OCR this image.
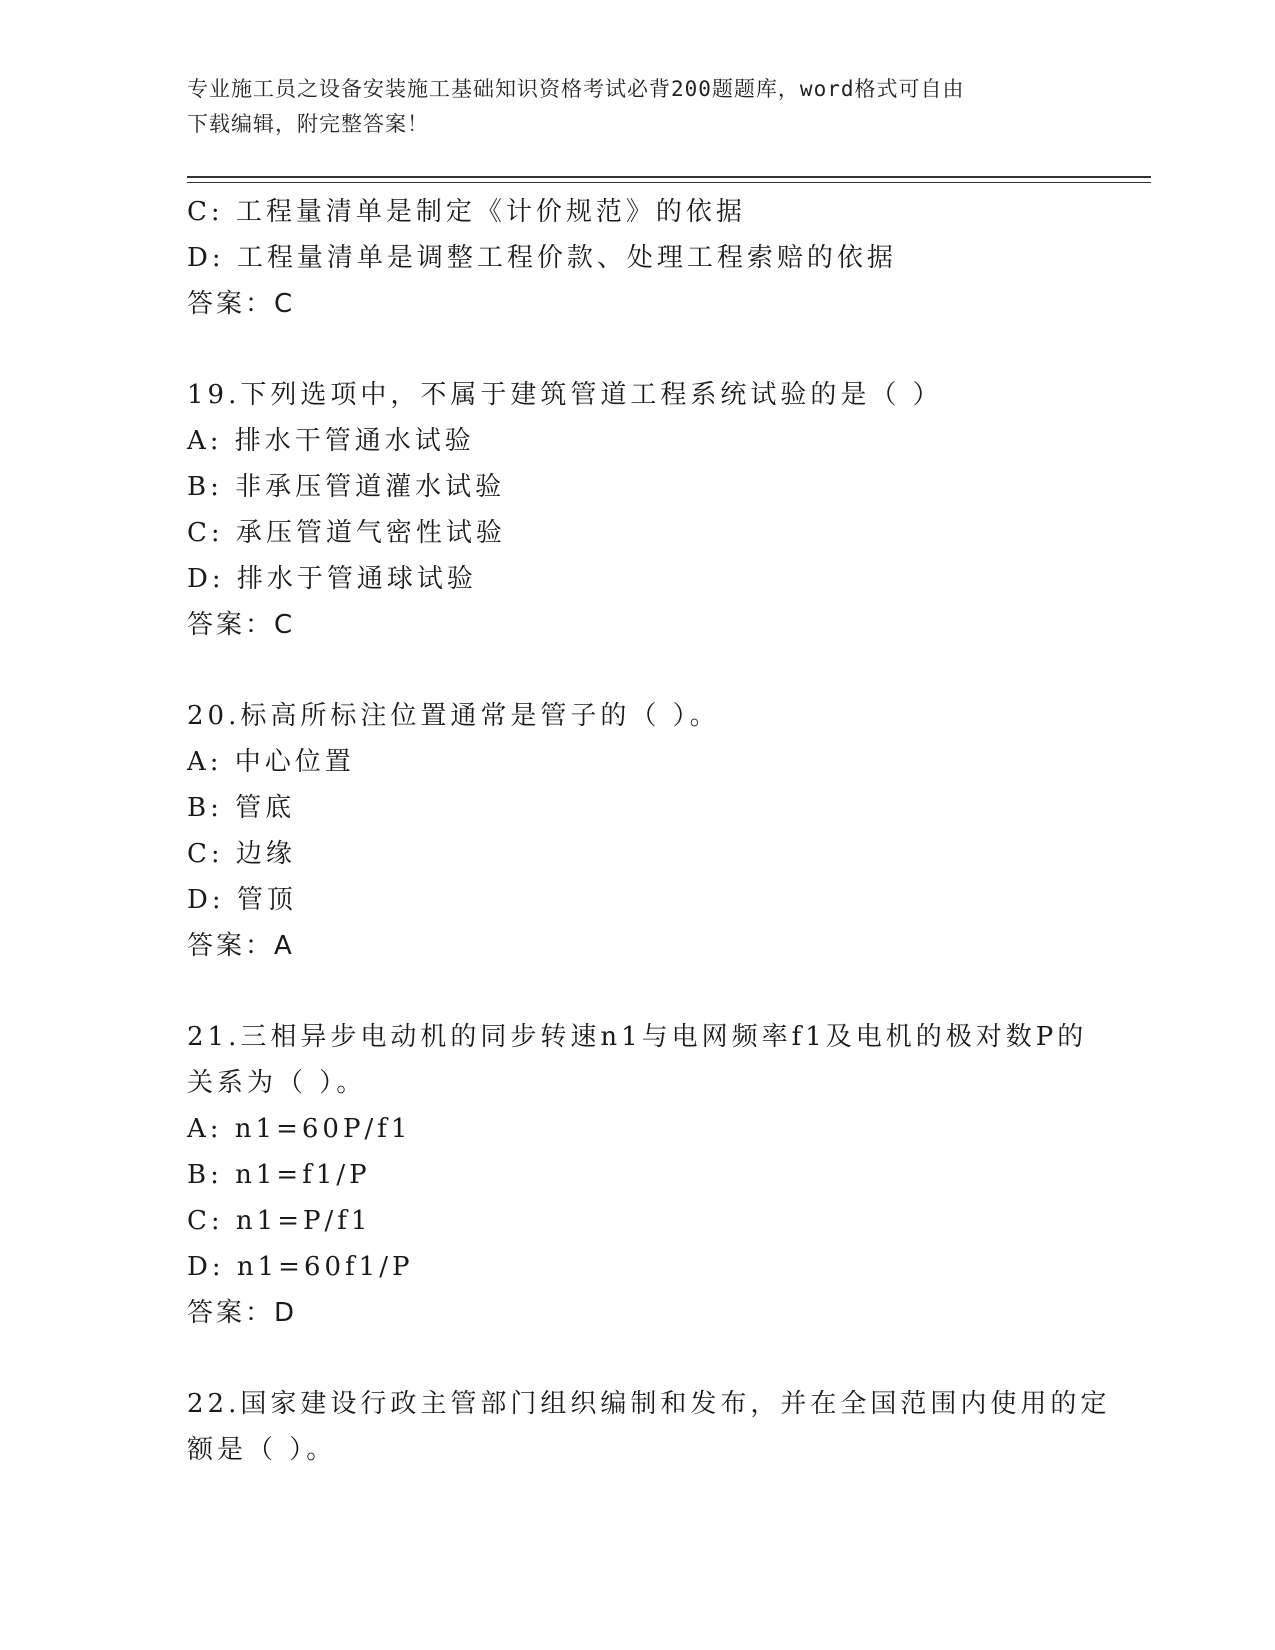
专业施工员之设备安装施工基础知识资格考试必背200题题库，word格式可自由
下载编辑，附完整答案！
C: 工程量清单是制定《计价规范》的依据
D: 工程量清单是调整工程价款、处理工程索赔的依据
答案：C
19.下列选项中，不属于建筑管道工程系统试验的是（ ）
A: 排水干管通水试验
B: 非承压管道灌水试验
C: 承压管道气密性试验
D: 排水于管通球试验
答案：C
20.标高所标注位置通常是管子的（ ）。
A: 中心位置
B: 管底
C: 边缘
D: 管顶
答案：A
21.三相异步电动机的同步转速n1与电网频率f1及电机的极对数P的
关系为（ ）。
A: n1=60P/f1
B: n1=f1/P
C: n1=P/f1
D: n1=60f1/P
答案：D
22.国家建设行政主管部门组织编制和发布，并在全国范围内使用的定
额是（ ）。
